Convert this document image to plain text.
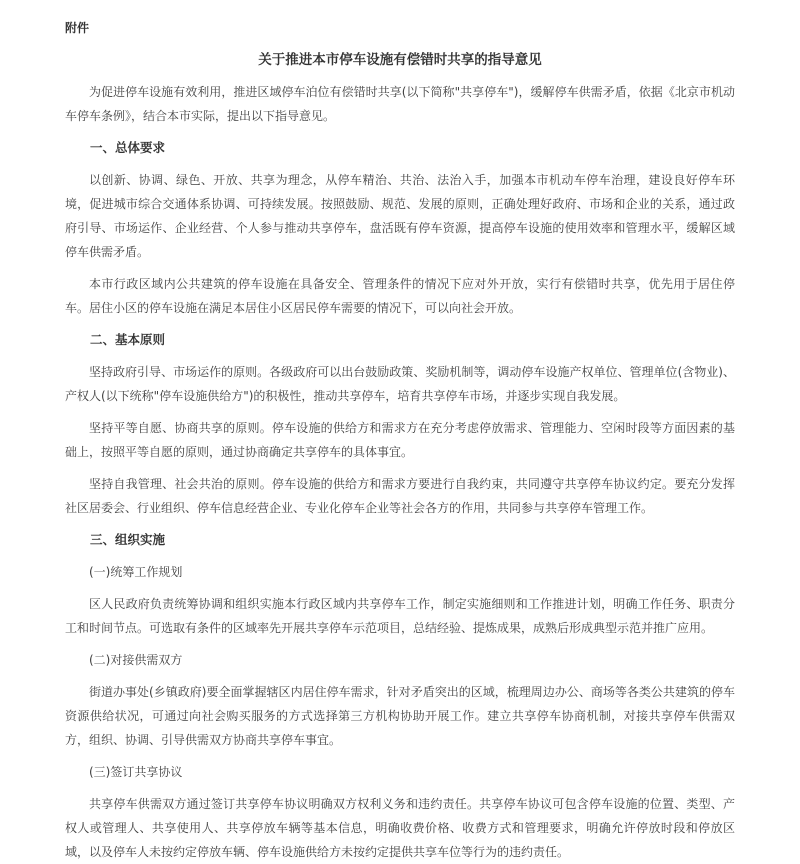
附件

关于推进本市停车设施有偿错时共享的指导意见

为促进停车设施有效利用，推进区域停车泊位有偿错时共享(以下简称"共享停车")，缓解停车供需矛盾，依据《北京市机动车停车条例》，结合本市实际，提出以下指导意见。

一、总体要求

以创新、协调、绿色、开放、共享为理念，从停车精治、共治、法治入手，加强本市机动车停车治理，建设良好停车环境，促进城市综合交通体系协调、可持续发展。按照鼓励、规范、发展的原则，正确处理好政府、市场和企业的关系，通过政府引导、市场运作、企业经营、个人参与推动共享停车，盘活既有停车资源，提高停车设施的使用效率和管理水平，缓解区域停车供需矛盾。

本市行政区域内公共建筑的停车设施在具备安全、管理条件的情况下应对外开放，实行有偿错时共享，优先用于居住停车。居住小区的停车设施在满足本居住小区居民停车需要的情况下，可以向社会开放。

二、基本原则

坚持政府引导、市场运作的原则。各级政府可以出台鼓励政策、奖励机制等，调动停车设施产权单位、管理单位(含物业)、产权人(以下统称"停车设施供给方")的积极性，推动共享停车，培育共享停车市场，并逐步实现自我发展。

坚持平等自愿、协商共享的原则。停车设施的供给方和需求方在充分考虑停放需求、管理能力、空闲时段等方面因素的基础上，按照平等自愿的原则，通过协商确定共享停车的具体事宜。

坚持自我管理、社会共治的原则。停车设施的供给方和需求方要进行自我约束，共同遵守共享停车协议约定。要充分发挥社区居委会、行业组织、停车信息经营企业、专业化停车企业等社会各方的作用，共同参与共享停车管理工作。

三、组织实施

(一)统筹工作规划

区人民政府负责统筹协调和组织实施本行政区域内共享停车工作，制定实施细则和工作推进计划，明确工作任务、职责分工和时间节点。可选取有条件的区域率先开展共享停车示范项目，总结经验、提炼成果，成熟后形成典型示范并推广应用。

(二)对接供需双方

街道办事处(乡镇政府)要全面掌握辖区内居住停车需求，针对矛盾突出的区域，梳理周边办公、商场等各类公共建筑的停车资源供给状况，可通过向社会购买服务的方式选择第三方机构协助开展工作。建立共享停车协商机制，对接共享停车供需双方，组织、协调、引导供需双方协商共享停车事宜。

(三)签订共享协议

共享停车供需双方通过签订共享停车协议明确双方权利义务和违约责任。共享停车协议可包含停车设施的位置、类型、产权人或管理人、共享使用人、共享停放车辆等基本信息，明确收费价格、收费方式和管理要求，明确允许停放时段和停放区域，以及停车人未按约定停放车辆、停车设施供给方未按约定提供共享车位等行为的违约责任。
